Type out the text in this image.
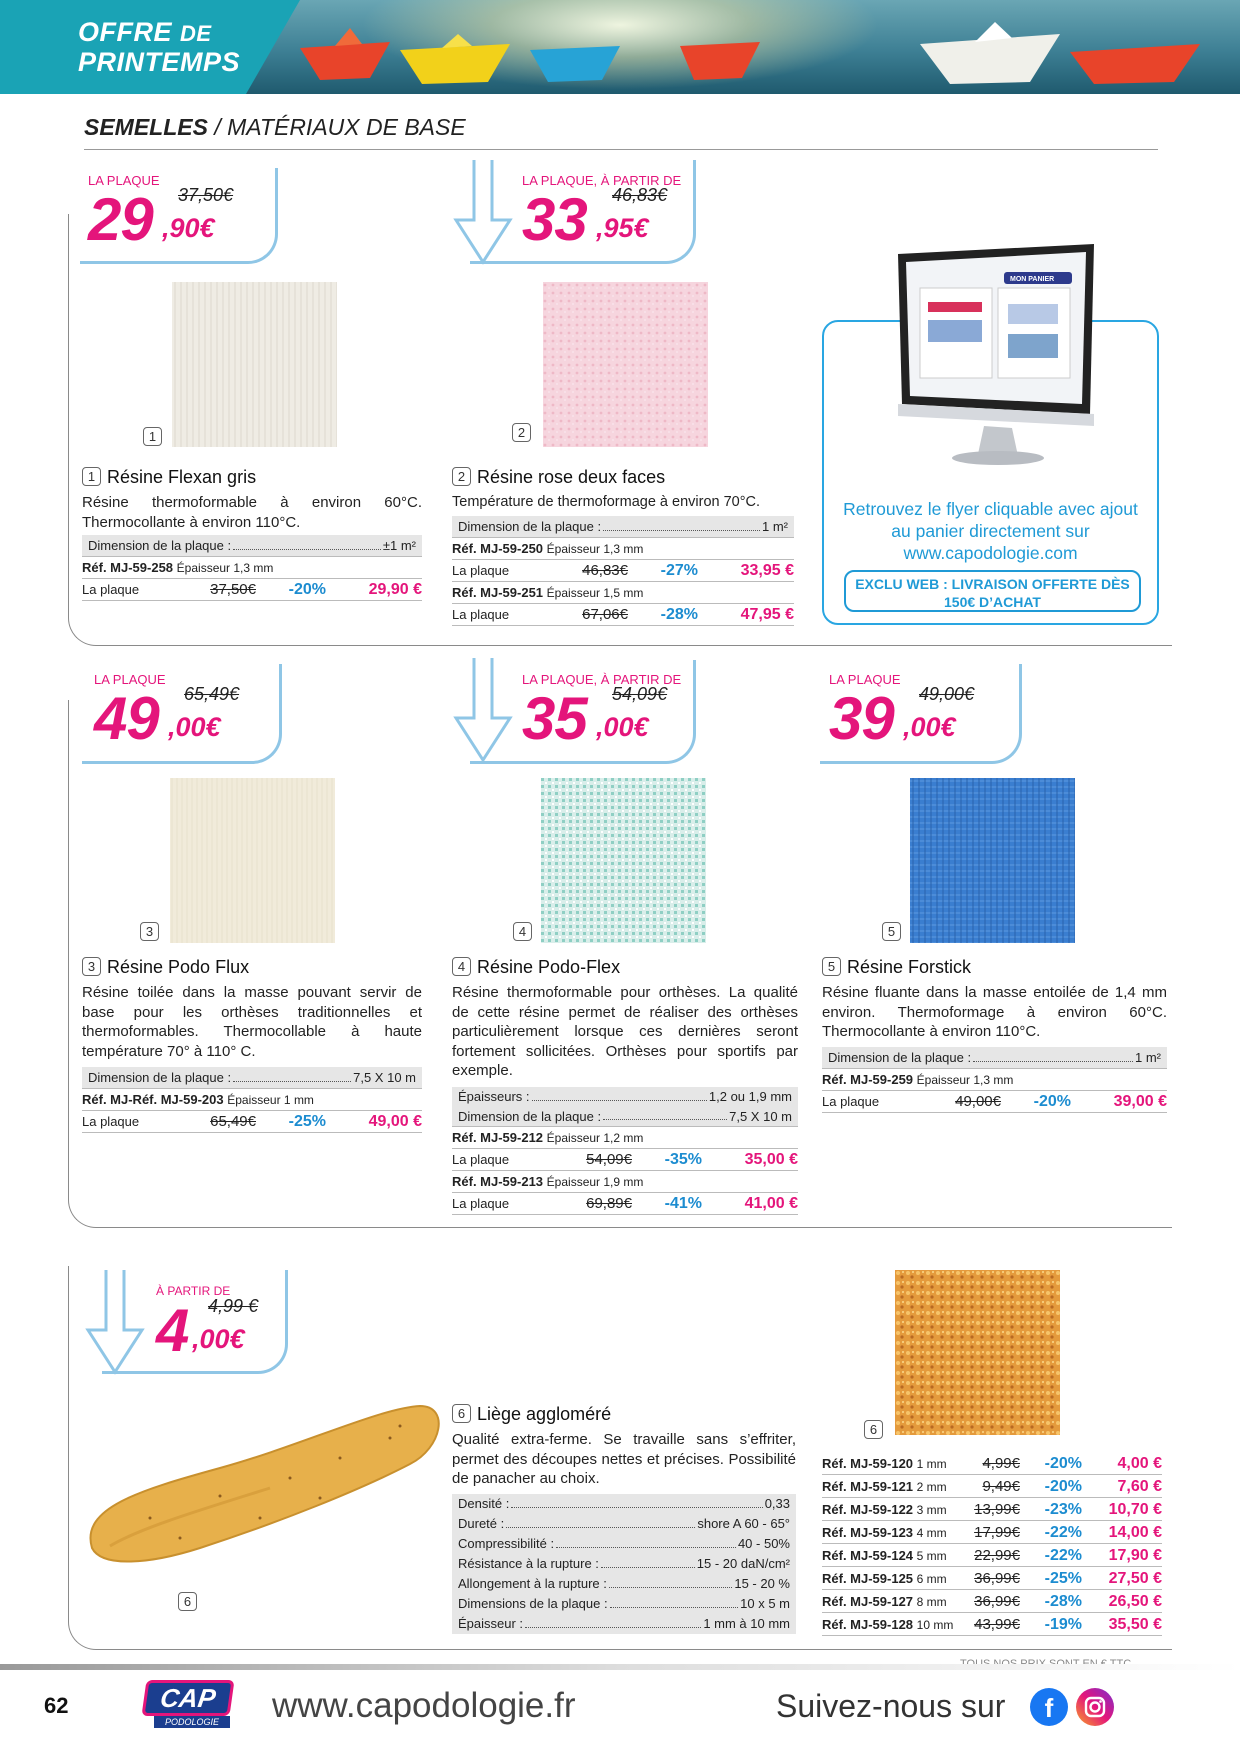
OFFRE DE
PRINTEMPS
SEMELLES / MATÉRIAUX DE BASE
LA PLAQUE
29 ,90€
37,50€
1
1 Résine Flexan gris
Résine thermoformable à environ 60°C. Thermocollante à environ 110°C.
Dimension de la plaque :	±1 m²
Réf. MJ-59-258
Épaisseur 1,3 mm
La plaque	37,50€	-20%	29,90 €
LA PLAQUE, À PARTIR DE
33 ,95€
46,83€
2
2 Résine rose deux faces
Température de thermoformage à environ 70°C.
Dimension de la plaque :	1 m²
Réf. MJ-59-250
Épaisseur 1,3 mm
La plaque	46,83€	-27%	33,95 €
Réf. MJ-59-251
Épaisseur 1,5 mm
La plaque	67,06€	-28%	47,95 €
MON PANIER
Retrouvez le flyer cliquable avec ajout au panier directement sur www.capodologie.com
EXCLU WEB : LIVRAISON OFFERTE DÈS 150€ D’ACHAT
LA PLAQUE
49 ,00€
65,49€
3
3 Résine Podo Flux
Résine toilée dans la masse pouvant servir de base pour les orthèses traditionnelles et thermoformables. Thermocollable à haute température 70° à 110° C.
Dimension de la plaque :	7,5 X 10 m
Réf. MJ-Réf. MJ-59-203
Épaisseur 1 mm
La plaque	65,49€	-25%	49,00 €
LA PLAQUE, À PARTIR DE
35 ,00€
54,09€
4
4 Résine Podo-Flex
Résine thermoformable pour orthèses. La qualité de cette résine permet de réaliser des orthèses particulièrement lorsque ces dernières seront fortement sollicitées. Orthèses pour sportifs par exemple.
Épaisseurs :	1,2 ou 1,9 mm
Dimension de la plaque :	7,5 X 10 m
Réf. MJ-59-212
Épaisseur 1,2 mm
La plaque	54,09€	-35%	35,00 €
Réf. MJ-59-213
Épaisseur 1,9 mm
La plaque	69,89€	-41%	41,00 €
LA PLAQUE
39 ,00€
49,00€
5
5 Résine Forstick
Résine fluante dans la masse entoilée de 1,4 mm environ. Thermoformage à environ 60°C. Thermocollante à environ 110°C.
Dimension de la plaque :	1 m²
Réf. MJ-59-259
Épaisseur 1,3 mm
La plaque	49,00€	-20%	39,00 €
À PARTIR DE
4 ,00€
4,99 €
6
6 Liège aggloméré
Qualité extra-ferme. Se travaille sans s’effriter, permet des découpes nettes et précises. Possibilité de panacher au choix.
Densité :	0,33
Dureté :	shore A 60 - 65°
Compressibilité :	40 - 50%
Résistance à la rupture :	15 - 20 daN/cm²
Allongement à la rupture :	15 - 20 %
Dimensions de la plaque :	10 x 5 m
Épaisseur :	1 mm à 10 mm
6
Réf. MJ-59-120 1 mm	4,99€	-20%	4,00 €
Réf. MJ-59-121 2 mm	9,49€	-20%	7,60 €
Réf. MJ-59-122 3 mm	13,99€	-23%	10,70 €
Réf. MJ-59-123 4 mm	17,99€	-22%	14,00 €
Réf. MJ-59-124 5 mm	22,99€	-22%	17,90 €
Réf. MJ-59-125 6 mm	36,99€	-25%	27,50 €
Réf. MJ-59-127 8 mm	36,99€	-28%	26,50 €
Réf. MJ-59-128 10 mm	43,99€	-19%	35,50 €
62	CAP
PODOLOGIE	www.capodologie.fr	Suivez-nous sur	f
